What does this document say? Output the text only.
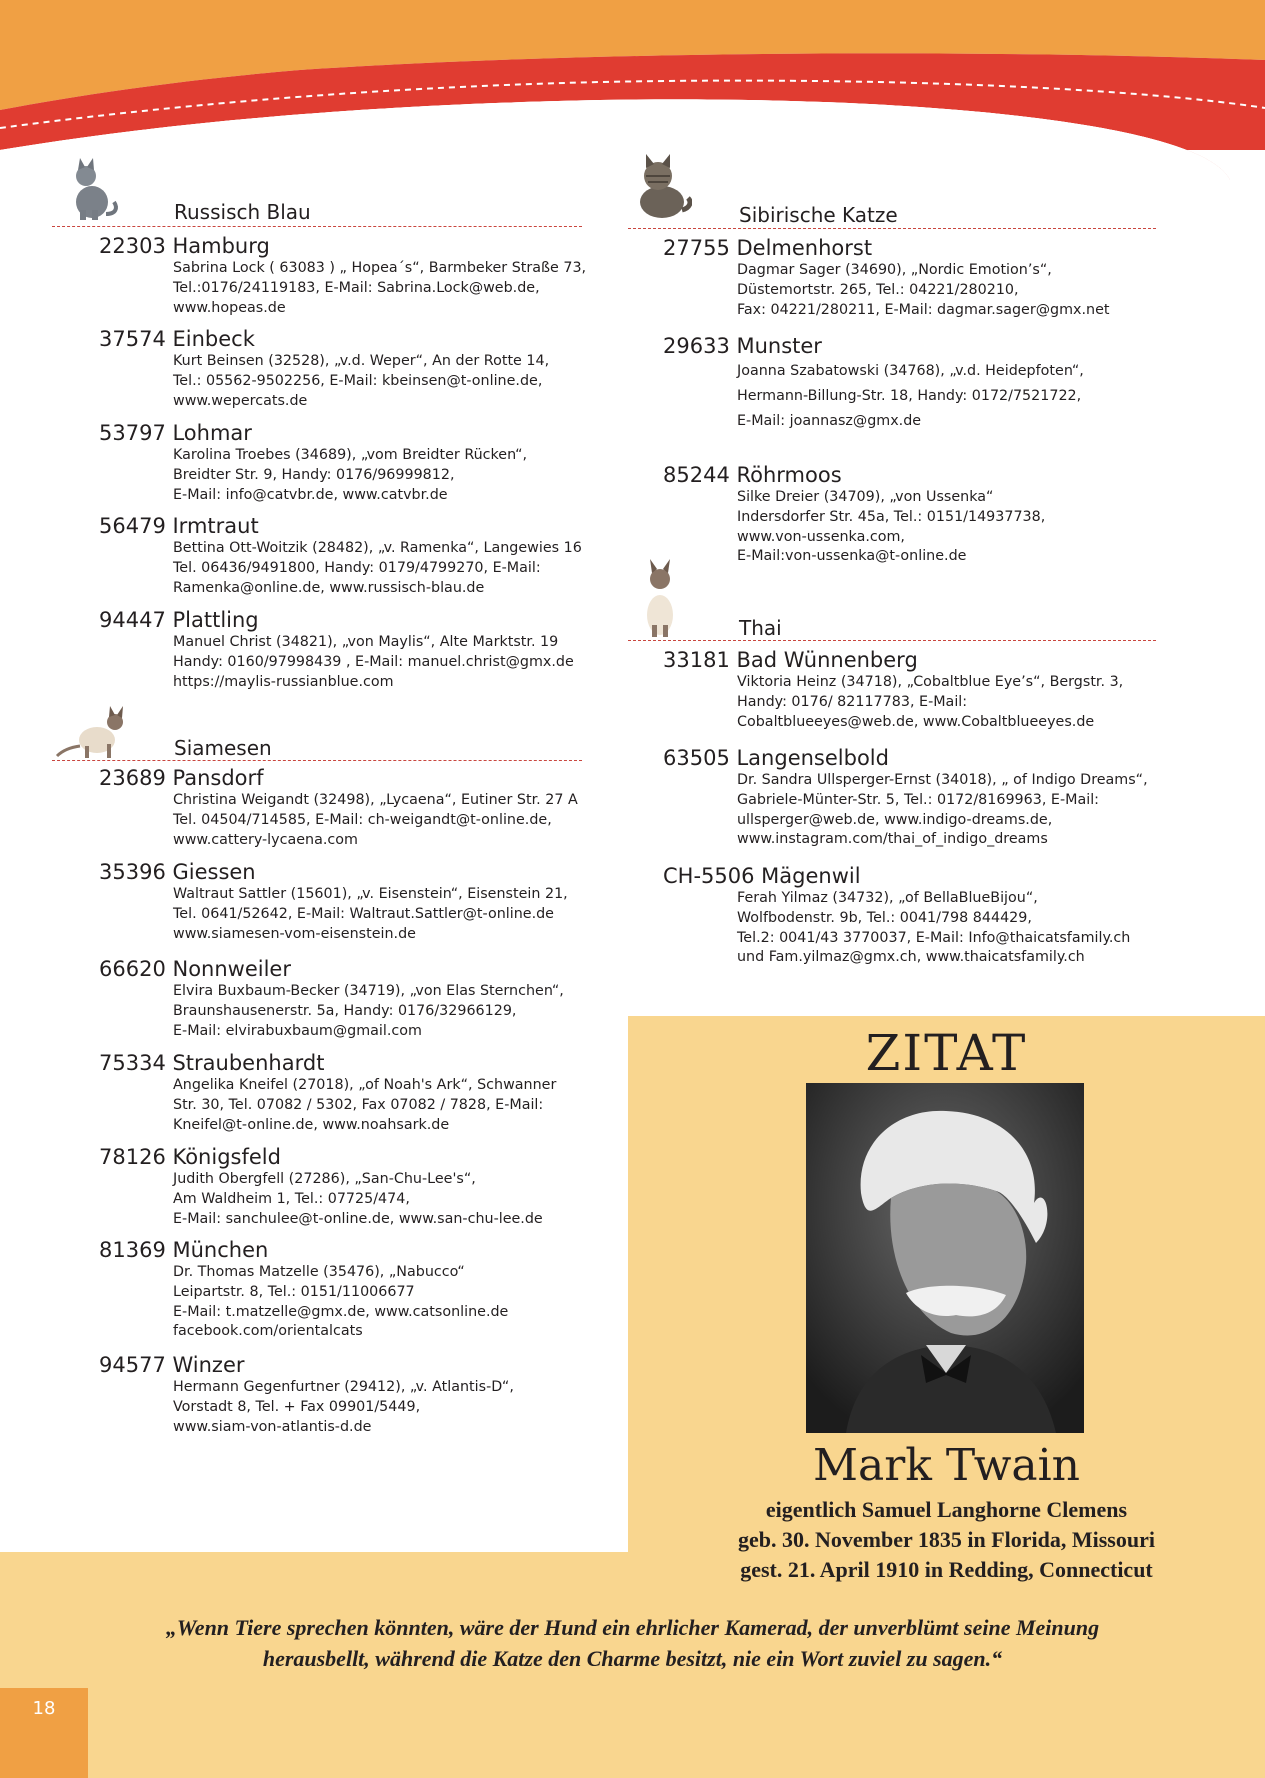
Russisch Blau
22303 Hamburg
Sabrina Lock ( 63083 ) „ Hopea´s“, Barmbeker Straße 73,
Tel.:0176/24119183, E-Mail: Sabrina.Lock@web.de,
www.hopeas.de
37574 Einbeck
Kurt Beinsen (32528), „v.d. Weper“, An der Rotte 14,
Tel.: 05562-9502256, E-Mail: kbeinsen@t-online.de,
www.wepercats.de
53797 Lohmar
Karolina Troebes (34689), „vom Breidter Rücken“,
Breidter Str. 9, Handy: 0176/96999812,
E-Mail: info@catvbr.de, www.catvbr.de
56479 Irmtraut
Bettina Ott-Woitzik (28482), „v. Ramenka“, Langewies 16
Tel. 06436/9491800, Handy: 0179/4799270, E-Mail:
Ramenka@online.de, www.russisch-blau.de
94447 Plattling
Manuel Christ (34821), „von Maylis“, Alte Marktstr. 19
Handy: 0160/97998439 , E-Mail: manuel.christ@gmx.de
https://maylis-russianblue.com
Siamesen
23689 Pansdorf
Christina Weigandt (32498), „Lycaena“, Eutiner Str. 27 A
Tel. 04504/714585, E-Mail: ch-weigandt@t-online.de,
www.cattery-lycaena.com
35396 Giessen
Waltraut Sattler (15601), „v. Eisenstein“, Eisenstein 21,
Tel. 0641/52642, E-Mail: Waltraut.Sattler@t-online.de
www.siamesen-vom-eisenstein.de
66620 Nonnweiler
Elvira Buxbaum-Becker (34719), „von Elas Sternchen“,
Braunshausenerstr. 5a, Handy: 0176/32966129,
E-Mail: elvirabuxbaum@gmail.com
75334 Straubenhardt
Angelika Kneifel (27018), „of Noah's Ark“, Schwanner
Str. 30, Tel. 07082 / 5302, Fax 07082 / 7828, E-Mail:
Kneifel@t-online.de, www.noahsark.de
78126 Königsfeld
Judith Obergfell (27286), „San-Chu-Lee's“,
Am Waldheim 1, Tel.: 07725/474,
E-Mail: sanchulee@t-online.de, www.san-chu-lee.de
81369 München
Dr. Thomas Matzelle (35476), „Nabucco“
Leipartstr. 8, Tel.: 0151/11006677
E-Mail: t.matzelle@gmx.de, www.catsonline.de
facebook.com/orientalcats
94577 Winzer
Hermann Gegenfurtner (29412), „v. Atlantis-D“,
Vorstadt 8, Tel. + Fax 09901/5449,
www.siam-von-atlantis-d.de
Sibirische Katze
27755 Delmenhorst
Dagmar Sager (34690), „Nordic Emotion’s“,
Düstemortstr. 265, Tel.: 04221/280210,
Fax: 04221/280211, E-Mail: dagmar.sager@gmx.net
29633 Munster
Joanna Szabatowski (34768), „v.d. Heidepfoten“,
Hermann-Billung-Str. 18, Handy: 0172/7521722,
E-Mail: joannasz@gmx.de
85244 Röhrmoos
Silke Dreier (34709), „von Ussenka“
Indersdorfer Str. 45a, Tel.: 0151/14937738,
www.von-ussenka.com,
E-Mail:von-ussenka@t-online.de
Thai
33181 Bad Wünnenberg
Viktoria Heinz (34718), „Cobaltblue Eye’s“, Bergstr. 3,
Handy: 0176/ 82117783, E-Mail:
Cobaltblueeyes@web.de, www.Cobaltblueeyes.de
63505 Langenselbold
Dr. Sandra Ullsperger-Ernst (34018), „ of Indigo Dreams“,
Gabriele-Münter-Str. 5, Tel.: 0172/8169963, E-Mail:
ullsperger@web.de, www.indigo-dreams.de,
www.instagram.com/thai_of_indigo_dreams
CH-5506 Mägenwil
Ferah Yilmaz (34732), „of BellaBlueBijou“,
Wolfbodenstr. 9b, Tel.: 0041/798 844429,
Tel.2: 0041/43 3770037, E-Mail: Info@thaicatsfamily.ch
und Fam.yilmaz@gmx.ch, www.thaicatsfamily.ch
ZITAT
Mark Twain
eigentlich Samuel Langhorne Clemens
geb. 30. November 1835 in Florida, Missouri
gest. 21. April 1910 in Redding, Connecticut
„Wenn Tiere sprechen könnten, wäre der Hund ein ehrlicher Kamerad, der unverblümt seine Meinung
herausbellt, während die Katze den Charme besitzt, nie ein Wort zuviel zu sagen.“
18
